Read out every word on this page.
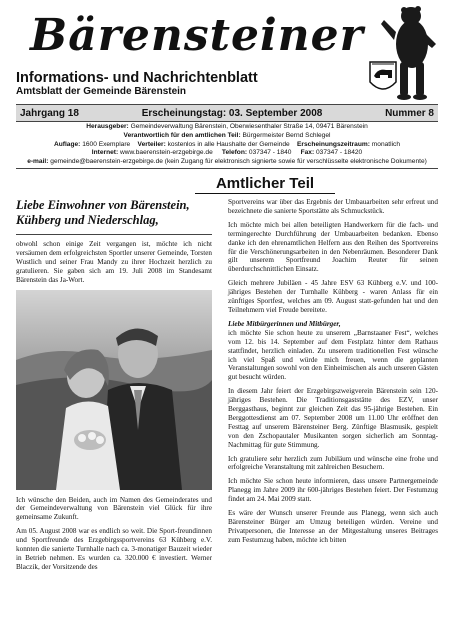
Bärensteiner
Informations- und Nachrichtenblatt
Amtsblatt der Gemeinde Bärenstein
Jahrgang 18	Erscheinungstag: 03. September 2008	Nummer 8
Herausgeber: Gemeindeverwaltung Bärenstein, Oberwiesenthaler Straße 14, 09471 Bärenstein
Verantwortlich für den amtlichen Teil: Bürgermeister Bernd Schlegel
Auflage: 1600 Exemplare Verteiler: kostenlos in alle Haushalte der Gemeinde Erscheinungszeitraum: monatlich
Internet: www.baerenstein-erzgebirge.de Telefon: 037347 - 1840 Fax: 037347 - 18420
e-mail: gemeinde@baerenstein-erzgebirge.de (kein Zugang für elektronisch signierte sowie für verschlüsselte elektronische Dokumente)
Amtlicher Teil
Liebe Einwohner von Bärenstein, Kühberg und Niederschlag,

obwohl schon einige Zeit vergangen ist, möchte ich nicht versäumen dem erfolgreichsten Sportler unserer Gemeinde, Torsten Wustlich und seiner Frau Mandy zu ihrer Hochzeit herzlich zu gratulieren. Sie gaben sich am 19. Juli 2008 im Standesamt Bärenstein das Ja-Wort.

Ich wünsche den Beiden, auch im Namen des Gemeinderates und der Gemeindeverwaltung von Bärenstein viel Glück für ihre gemeinsame Zukunft.

Am 05. August 2008 war es endlich so weit. Die Sport-freundinnen und Sportfreunde des Erzgebirgssportvereins 63 Kühberg e.V. konnten die sanierte Turnhalle nach ca. 3-monatiger Bauzeit wieder in Betrieb nehmen. Es wurden ca. 320.000 € investiert. Werner Blaczik, der Vorsitzende des

Sportvereins war über das Ergebnis der Umbauarbeiten sehr erfreut und bezeichnete die sanierte Sportstätte als Schmuckstück.

Ich möchte mich bei allen beteiligten Handwerkern für die fach- und termingerechte Durchführung der Umbauarbeiten bedanken. Ebenso danke ich den ehrenamtlichen Helfern aus den Reihen des Sportvereins für die Verschönerungsarbeiten in den Nebenräumen. Besonderer Dank gilt unserem Sportfreund Joachim Reuter für seinen überdurchschnittlichen Einsatz.

Gleich mehrere Jubiläen - 45 Jahre ESV 63 Kühberg e.V. und 100-jähriges Bestehen der Turnhalle Kühberg - waren Anlass für ein zünftiges Sportfest, welches am 09. August statt-gefunden hat und den Teilnehmern viel Freude bereitete.

Liebe Mitbürgerinnen und Mitbürger,
ich möchte Sie schon heute zu unserem „Barnstaaner Fest“, welches vom 12. bis 14. September auf dem Festplatz hinter dem Rathaus stattfindet, herzlich einladen. Zu unserem traditionellen Fest wünsche ich viel Spaß und würde mich freuen, wenn die geplanten Veranstaltungen sowohl von den Einheimischen als auch unseren Gästen gut besucht würden.

In diesem Jahr feiert der Erzgebirgszweigverein Bärenstein sein 120-jähriges Bestehen. Die Traditionsgaststätte des EZV, unser Berggasthaus, beginnt zur gleichen Zeit das 95-jährige Bestehen. Ein Berggottesdienst am 07. September 2008 um 11.00 Uhr eröffnet den Festtag auf unserem Bärensteiner Berg. Zünftige Blasmusik, gespielt von den Zschopautaler Musikanten sorgen sicherlich am Sonntag-Nachmittag für gute Stimmung.

Ich gratuliere sehr herzlich zum Jubiläum und wünsche eine frohe und erfolgreiche Veranstaltung mit zahlreichen Besuchern.

Ich möchte Sie schon heute informieren, dass unsere Partnergemeinde Planegg im Jahre 2009 ihr 600-jähriges Bestehen feiert. Der Festumzug findet am 24. Mai 2009 statt.

Es wäre der Wunsch unserer Freunde aus Planegg, wenn sich auch Bärensteiner Bürger am Umzug beteiligen würden. Vereine und Privatpersonen, die Interesse an der Mitgestaltung unseres Beitrages zum Festumzug haben, möchte ich bitten
